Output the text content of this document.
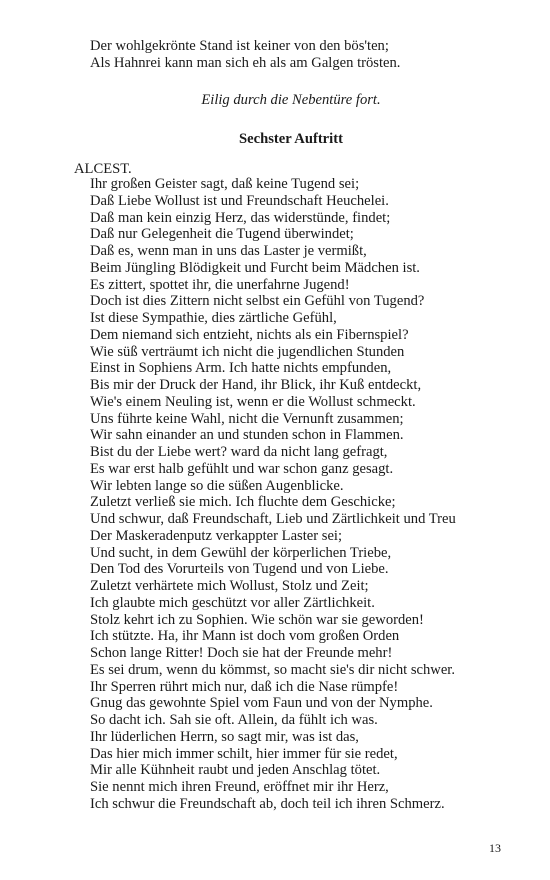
Der wohlgekrönte Stand ist keiner von den bös'ten;
Als Hahnrei kann man sich eh als am Galgen trösten.
Eilig durch die Nebentüre fort.
Sechster Auftritt
ALCEST.
Ihr großen Geister sagt, daß keine Tugend sei;
Daß Liebe Wollust ist und Freundschaft Heuchelei.
Daß man kein einzig Herz, das widerstünde, findet;
Daß nur Gelegenheit die Tugend überwindet;
Daß es, wenn man in uns das Laster je vermißt,
Beim Jüngling Blödigkeit und Furcht beim Mädchen ist.
Es zittert, spottet ihr, die unerfahrne Jugend!
Doch ist dies Zittern nicht selbst ein Gefühl von Tugend?
Ist diese Sympathie, dies zärtliche Gefühl,
Dem niemand sich entzieht, nichts als ein Fibernspiel?
Wie süß verträumt ich nicht die jugendlichen Stunden
Einst in Sophiens Arm. Ich hatte nichts empfunden,
Bis mir der Druck der Hand, ihr Blick, ihr Kuß entdeckt,
Wie's einem Neuling ist, wenn er die Wollust schmeckt.
Uns führte keine Wahl, nicht die Vernunft zusammen;
Wir sahn einander an und stunden schon in Flammen.
Bist du der Liebe wert? ward da nicht lang gefragt,
Es war erst halb gefühlt und war schon ganz gesagt.
Wir lebten lange so die süßen Augenblicke.
Zuletzt verließ sie mich. Ich fluchte dem Geschicke;
Und schwur, daß Freundschaft, Lieb und Zärtlichkeit und Treu
Der Maskeradenputz verkappter Laster sei;
Und sucht, in dem Gewühl der körperlichen Triebe,
Den Tod des Vorurteils von Tugend und von Liebe.
Zuletzt verhärtete mich Wollust, Stolz und Zeit;
Ich glaubte mich geschützt vor aller Zärtlichkeit.
Stolz kehrt ich zu Sophien. Wie schön war sie geworden!
Ich stützte. Ha, ihr Mann ist doch vom großen Orden
Schon lange Ritter! Doch sie hat der Freunde mehr!
Es sei drum, wenn du kömmst, so macht sie's dir nicht schwer.
Ihr Sperren rührt mich nur, daß ich die Nase rümpfe!
Gnug das gewohnte Spiel vom Faun und von der Nymphe.
So dacht ich. Sah sie oft. Allein, da fühlt ich was.
Ihr lüderlichen Herrn, so sagt mir, was ist das,
Das hier mich immer schilt, hier immer für sie redet,
Mir alle Kühnheit raubt und jeden Anschlag tötet.
Sie nennt mich ihren Freund, eröffnet mir ihr Herz,
Ich schwur die Freundschaft ab, doch teil ich ihren Schmerz.
13
